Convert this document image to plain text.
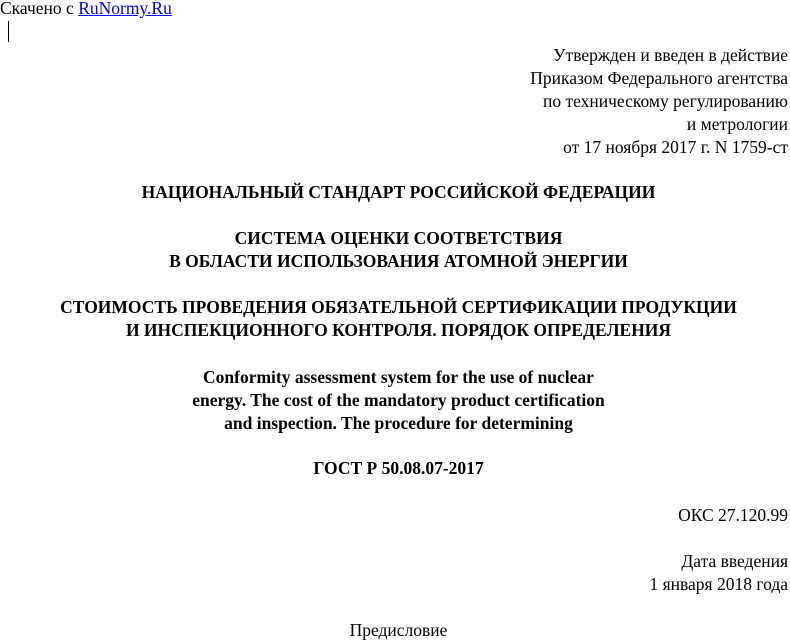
Скачено с RuNormy.Ru
Утвержден и введен в действие
Приказом Федерального агентства
по техническому регулированию
и метрологии
от 17 ноября 2017 г. N 1759-ст
НАЦИОНАЛЬНЫЙ СТАНДАРТ РОССИЙСКОЙ ФЕДЕРАЦИИ
СИСТЕМА ОЦЕНКИ СООТВЕТСТВИЯ
В ОБЛАСТИ ИСПОЛЬЗОВАНИЯ АТОМНОЙ ЭНЕРГИИ
СТОИМОСТЬ ПРОВЕДЕНИЯ ОБЯЗАТЕЛЬНОЙ СЕРТИФИКАЦИИ ПРОДУКЦИИ
И ИНСПЕКЦИОННОГО КОНТРОЛЯ. ПОРЯДОК ОПРЕДЕЛЕНИЯ
Conformity assessment system for the use of nuclear
energy. The cost of the mandatory product certification
and inspection. The procedure for determining
ГОСТ Р 50.08.07-2017
ОКС 27.120.99
Дата введения
1 января 2018 года
Предисловие
